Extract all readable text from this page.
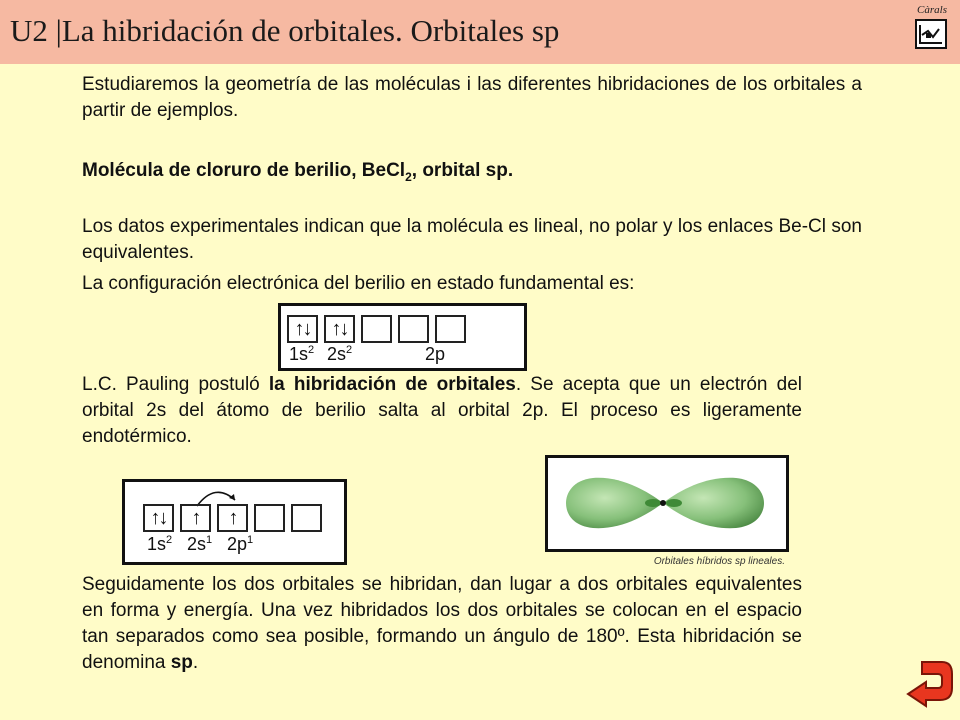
U2 |La hibridación de orbitales. Orbitales sp
Càrals
Estudiaremos la geometría de las moléculas i las diferentes hibridaciones de los orbitales a partir de ejemplos.
Molécula de cloruro de berilio, BeCl$_2$, orbital sp.
Los datos experimentales indican que la molécula es lineal, no polar y los enlaces Be-Cl son equivalentes.
La configuración electrónica del berilio en estado fundamental es:
↑↓	↑↓
$1s^2$ $2s^2$	2p
L.C. Pauling postuló la hibridación de orbitales. Se acepta que un electrón del orbital 2s del átomo de berilio salta al orbital 2p. El proceso es ligeramente endotérmico.
↑↓	↑	↑
$1s^2$ $2s^1$ $2p^1$
Orbitales híbridos sp lineales.
Seguidamente los dos orbitales se hibridan, dan lugar a dos orbitales equivalentes en forma y energía. Una vez hibridados los dos orbitales se colocan en el espacio tan separados como sea posible, formando un ángulo de 180º. Esta hibridación se denomina sp.
